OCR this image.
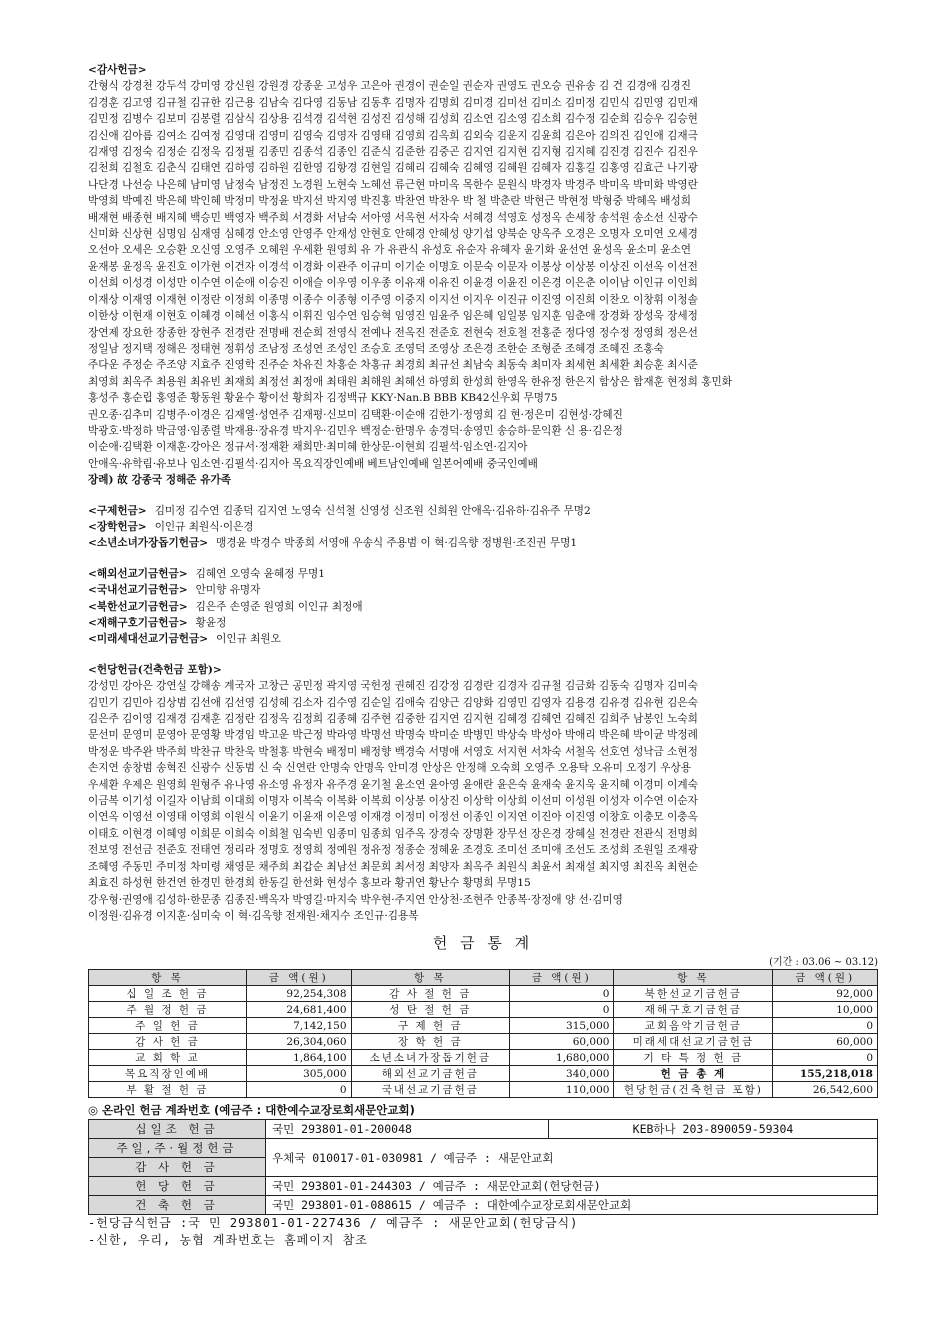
<감사헌금>
간형식 강경천 강두석 강미영 강신원 강원경 강종운 고성우 고은아 권경이 권순일 권순자 권영도 권오승 권유송 김 건 김경애 김경진
김경훈 김고영 김규철 김규한 김근용 김남숙 김다영 김동남 김동후 김명자 김명희 김미경 김미선 김미소 김미정 김민식 김민영 김민재
김민정 김병수 김보미 김봉렬 김삼식 김상용 김석경 김석현 김성진 김성해 김성희 김소연 김소영 김소희 김수정 김순희 김승우 김승현
김신애 김아름 김여소 김여정 김영대 김영미 김영숙 김영자 김영태 김영희 김옥희 김외숙 김운지 김윤희 김은아 김의진 김인애 김재극
김재영 김정숙 김정순 김정욱 김정필 김종민 김종석 김종인 김준식 김준한 김중곤 김지연 김지현 김지형 김지혜 김진경 김진수 김진우
김천희 김철호 김춘식 김태연 김하영 김하원 김한영 김항경 김현일 김혜리 김혜숙 김혜영 김혜원 김혜자 김홍길 김홍영 김효근 나기광
나단경 나선승 나은혜 남미영 남정숙 남정진 노경원 노현숙 노혜선 류근현 마미옥 목한수 문원식 박경자 박경주 박미옥 박미화 박영란
박영희 박예진 박은혜 박인혜 박정미 박정윤 박지선 박지영 박진홍 박찬연 박찬우 박 철 박춘란 박현근 박현정 박형중 박혜옥 배성희
배재현 배종현 배지혜 백승민 백영자 백주희 서경화 서남숙 서아영 서옥현 서자숙 서혜경 석영호 성정옥 손세창 송석원 송소선 신광수
신미화 신상현 심명임 심재영 심혜경 안소영 안영주 안재성 안현호 안혜경 안혜성 양기섭 양북순 양옥주 오경은 오명자 오미연 오세경
오선아 오세은 오승환 오신영 오영주 오혜원 우세환 원영희 유 가 유관식 유성호 유순자 유혜자 윤기화 윤선연 윤성옥 윤소미 윤소연
윤재봉 윤정옥 윤진호 이가현 이건자 이경석 이경화 이관주 이규미 이기순 이명호 이문숙 이문자 이봉상 이상봉 이상진 이선옥 이선전
이선희 이성경 이성만 이수연 이순애 이승진 이애슬 이우영 이우종 이유재 이유진 이윤경 이윤진 이은경 이은춘 이이남 이인규 이인희
이재상 이재영 이재현 이정란 이정희 이종명 이종수 이종형 이주영 이중지 이지선 이지우 이진규 이진영 이진희 이찬오 이창휘 이청솔
이한상 이현재 이현호 이혜경 이혜선 이홍식 이휘진 임수연 임승혁 임영진 임윤주 임은혜 임일봉 임지훈 임춘애 장경화 장성욱 장세정
장연제 장요한 장종한 장현주 전경란 전명배 전순희 전영식 전예나 전옥진 전준호 전현숙 전호철 전홍준 정다영 정수정 정영희 정은선
정일남 정지택 정해은 정태현 정휘성 조남정 조성연 조성인 조승호 조영덕 조영상 조은경 조한순 조형준 조혜경 조혜진 조홍숙
주다운 주정순 주조양 지효주 진영학 진주순 차유진 차홍순 차홍규 최경희 최규선 최남숙 최동숙 최미자 최세현 최세환 최승훈 최시준
최영희 최옥주 최용원 최유빈 최재희 최정선 최정애 최태원 최해원 최혜선 하영희 한성희 한영옥 한유정 한은지 함상은 함재훈 현정희 홍민화
홍성주 홍순립 홍영준 황동원 황윤수 황이선 황희자 김정백규 KKY·Nan.B BBB KB42신우회 무명75
권오종·김추미 김병주·이경은 김재열·성연주 김재평·신보미 김택환·이순애 김한기·정영희 김 현·정은미 김현성·강혜진
박광호·박정하 박금영·임종렬 박재용·장유경 박지우·김민우 백정순·한명우 송경덕·송영민 송승하·문익환 신 용·김은정
이순애·김택환 이재훈·강아은 정규서·정재환 채희만·최미혜 한상문·이현희 김필석·임소연·김지아
안애옥·유학림·유보나 임소연·김필석·김지아 목요직장인예배 베트남인예배 일본어예배 중국인예배
장례) 故 강종국 정해준 유가족
<구제헌금> 김미정 김수연 김종덕 김지연 노영숙 신석철 신영성 신조원 신희원 안애옥·김유하·김유주 무명2
<장학헌금> 이인규 최원식·이은경
<소년소녀가장돕기헌금> 맹경윤 박경수 박종희 서영애 우송식 주용범 이 혁·김옥향 정병원·조진권 무명1
<해외선교기금헌금> 김혜연 오영숙 윤혜정 무명1
<국내선교기금헌금> 안미향 유명자
<북한선교기금헌금> 김은주 손영준 원영희 이인규 최정애
<재해구호기금헌금> 황윤정
<미래세대선교기금헌금> 이인규 최원오
<헌당헌금(건축헌금 포함)>
강성민 강아은 강연실 강해송 계국자 고창근 공민정 곽지영 국헌정 권혜진 김강정 김경란 김경자 김규철 김금화 김동숙 김명자 김미숙
김민기 김민아 김상범 김선애 김선영 김성혜 김소자 김수영 김순일 김애숙 김양근 김양화 김영민 김영자 김용경 김유경 김유현 김은숙
김은주 김이영 김재경 김재훈 김정란 김정옥 김정희 김종혜 김주현 김중한 김지연 김지현 김혜경 김혜연 김혜진 김희주 남봉인 노숙희
문선미 문영미 문영아 문영황 박경임 박고운 박근정 박라영 박명선 박명숙 박미순 박병민 박상숙 박성아 박애리 박은혜 박이균 박정례
박정운 박주완 박주희 박찬규 박찬욱 박철홍 박현숙 배정미 배정향 백경숙 서명애 서영호 서지현 서차숙 서철옥 선호연 성낙금 소현정
손지연 송창범 송혁진 신광수 신동범 신 숙 신연란 안명숙 안명옥 안미경 안상은 안정해 오숙희 오영주 오용탁 오유미 오정기 우상용
우세환 우제은 원영희 원형주 유나영 유소영 유정자 유주경 윤기철 윤소연 윤아영 윤애란 윤은숙 윤재숙 윤지욱 윤지혜 이경미 이계숙
이금복 이기성 이길자 이남희 이대희 이명자 이복숙 이복화 이복희 이상봉 이상진 이상학 이상희 이선미 이성원 이성자 이수연 이순자
이연옥 이영선 이영태 이영희 이원식 이윤기 이윤재 이은영 이재경 이정미 이정선 이종인 이지연 이진아 이진영 이창호 이충모 이충옥
이태호 이현경 이혜영 이희문 이희숙 이희철 임숙빈 임종미 임종희 임주옥 장경숙 장명환 장무선 장은경 장혜실 전경란 전관식 전명희
전보영 전선금 전준호 전태연 정리라 정명호 정영희 정예원 정유정 정종순 정혜윤 조경호 조미선 조미애 조선도 조성희 조원일 조재광
조혜영 주동민 주미정 차미령 채영문 채주희 최갑순 최남선 최문희 최서정 최양자 최옥주 최원식 최윤서 최재설 최지영 최진옥 최현순
최효진 하성현 한건연 한경민 한경희 한동길 한선화 현성수 홍보라 황귀연 황난수 황명희 무명15
강우형·권영애 김성하·한문종 김종진·백옥자 박영길·마지숙 박우현·주지연 안상천·조현주 안종복·장정애 양 선·김미영
이정원·김유경 이지훈·심미숙 이 혁·김옥향 전재원·채지수 조인규·김용복
헌 금 통 계
(기간 : 03.06 ~ 03.12)
항 목	금 액(원)	항 목	금 액(원)	항 목	금 액(원)
십 일 조 헌 금	92,254,308	감 사 절 헌 금	0	북한선교기금헌금	92,000
주 월 정 헌 금	24,681,400	성 탄 절 헌 금	0	재해구호기금헌금	10,000
주 일 헌 금	7,142,150	구 제 헌 금	315,000	교회음악기금헌금	0
감 사 헌 금	26,304,060	장 학 헌 금	60,000	미래세대선교기금헌금	60,000
교 회 학 교	1,864,100	소년소녀가장돕기헌금	1,680,000	기 타 특 정 헌 금	0
목요직장인예배	305,000	해외선교기금헌금	340,000	헌 금 총 계	155,218,018
부 활 절 헌 금	0	국내선교기금헌금	110,000	헌당헌금(건축헌금 포함)	26,542,600
◎ 온라인 헌금 계좌번호 (예금주 : 대한예수교장로회새문안교회)
십일조 헌금	국민 293801-01-200048	KEB하나 203-890059-59304
주일,주·월정헌금	우체국 010017-01-030981 / 예금주 : 새문안교회	
감 사 헌 금		
헌 당 헌 금	국민 293801-01-244303 / 예금주 : 새문안교회(헌당헌금)	
건 축 헌 금	국민 293801-01-088615 / 예금주 : 대한예수교장로회새문안교회	
-헌당금식헌금 :국 민 293801-01-227436 / 예금주 : 새문안교회(헌당금식)
-신한, 우리, 농협 계좌번호는 홈페이지 참조
